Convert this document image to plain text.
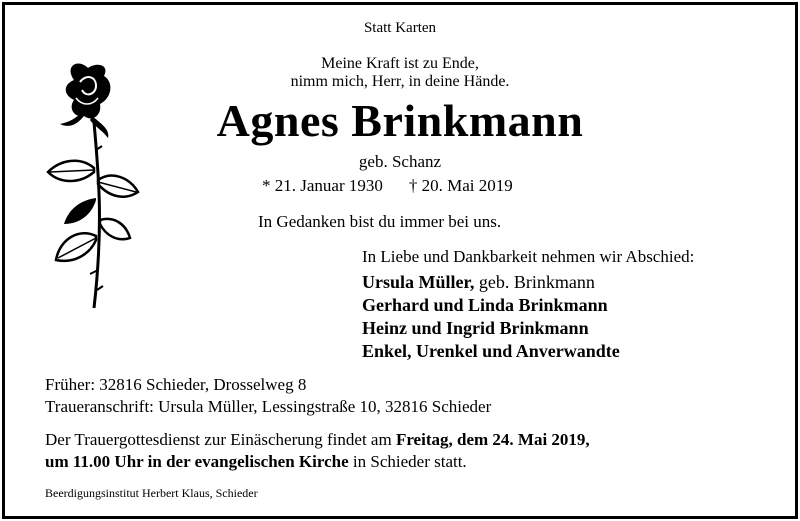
Statt Karten
Meine Kraft ist zu Ende,
nimm mich, Herr, in deine Hände.
Agnes Brinkmann
geb. Schanz
* 21. Januar 1930 † 20. Mai 2019
In Gedanken bist du immer bei uns.
In Liebe und Dankbarkeit nehmen wir Abschied:
Ursula Müller, geb. Brinkmann
Gerhard und Linda Brinkmann
Heinz und Ingrid Brinkmann
Enkel, Urenkel und Anverwandte
Früher: 32816 Schieder, Drosselweg 8
Traueranschrift: Ursula Müller, Lessingstraße 10, 32816 Schieder
Der Trauergottesdienst zur Einäscherung findet am Freitag, dem 24. Mai 2019,
um 11.00 Uhr in der evangelischen Kirche in Schieder statt.
Beerdigungsinstitut Herbert Klaus, Schieder
